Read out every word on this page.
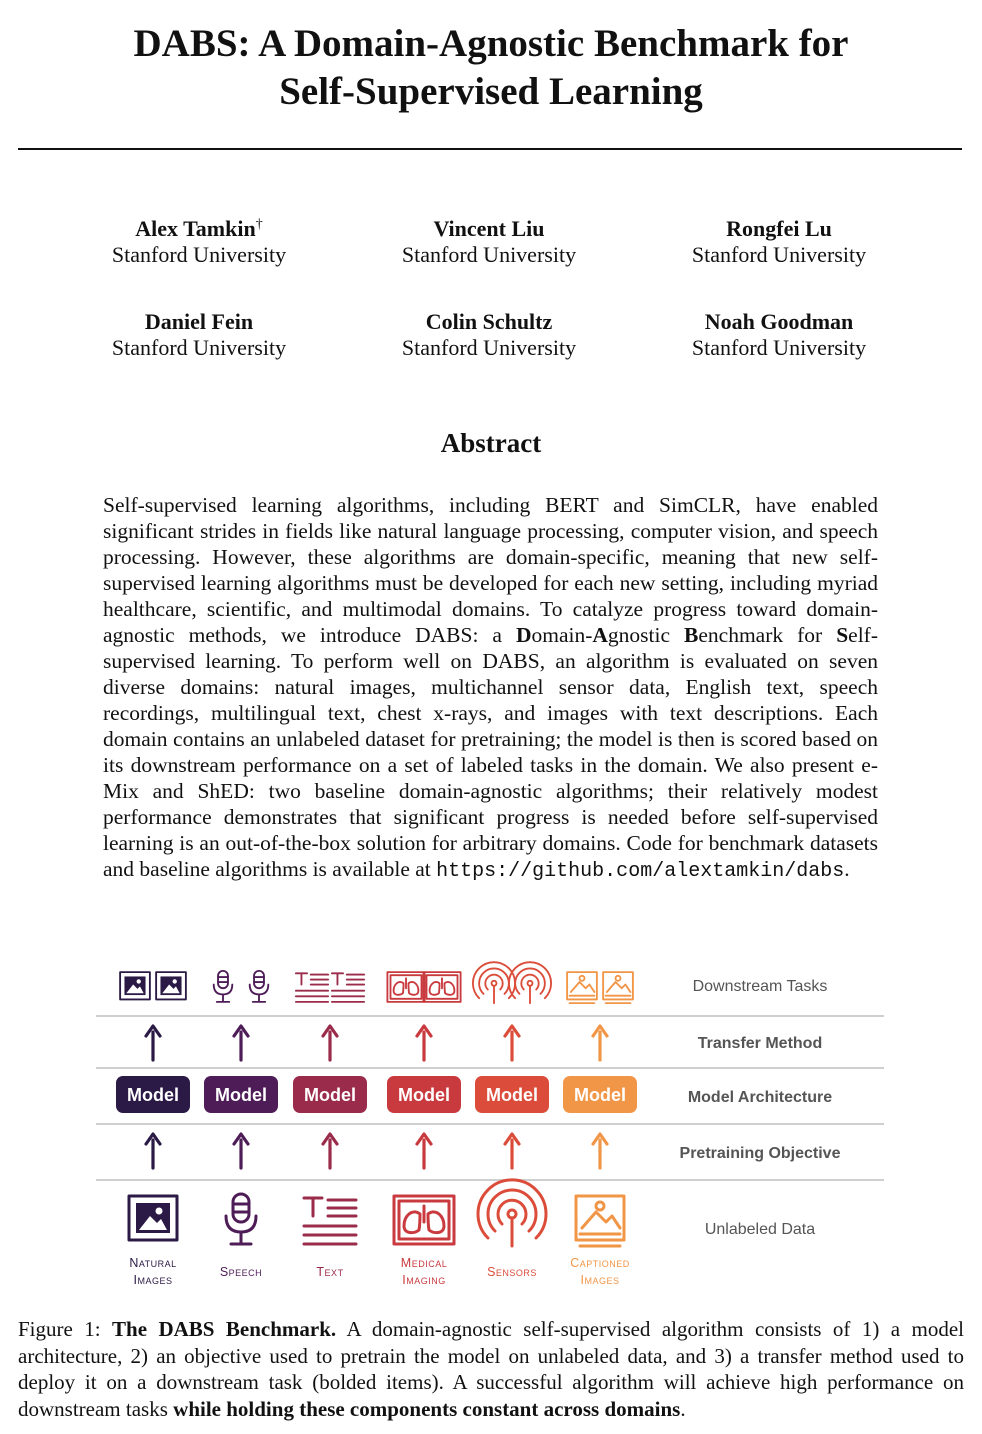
DABS: A Domain-Agnostic Benchmark for
Self-Supervised Learning
Alex Tamkin†
Stanford University
Vincent Liu
Stanford University
Rongfei Lu
Stanford University
Daniel Fein
Stanford University
Colin Schultz
Stanford University
Noah Goodman
Stanford University
Abstract
Self-supervised learning algorithms, including BERT and SimCLR, have enabled significant strides in fields like natural language processing, computer vision, and speech processing. However, these algorithms are domain-specific, meaning that new self-supervised learning algorithms must be developed for each new setting, including myriad healthcare, scientific, and multimodal domains. To catalyze progress toward domain-agnostic methods, we introduce DABS: a Domain-Agnostic Benchmark for Self-supervised learning. To perform well on DABS, an algorithm is evaluated on seven diverse domains: natural images, multichannel sensor data, English text, speech recordings, multilingual text, chest x-rays, and images with text descriptions. Each domain contains an unlabeled dataset for pretraining; the model is then is scored based on its downstream performance on a set of labeled tasks in the domain. We also present e-Mix and ShED: two baseline domain-agnostic algorithms; their relatively modest performance demonstrates that significant progress is needed before self-supervised learning is an out-of-the-box solution for arbitrary domains. Code for benchmark datasets and baseline algorithms is available at https://github.com/alextamkin/dabs.
Model Model Model Model Model Model
Natural
Images
Speech	Text
Medical
Imaging
Sensors
Captioned
Images
Downstream Tasks
Transfer Method
Model Architecture
Pretraining Objective
Unlabeled Data
Figure 1: The DABS Benchmark. A domain-agnostic self-supervised algorithm consists of 1) a model architecture, 2) an objective used to pretrain the model on unlabeled data, and 3) a transfer method used to deploy it on a downstream task (bolded items). A successful algorithm will achieve high performance on downstream tasks while holding these components constant across domains.
